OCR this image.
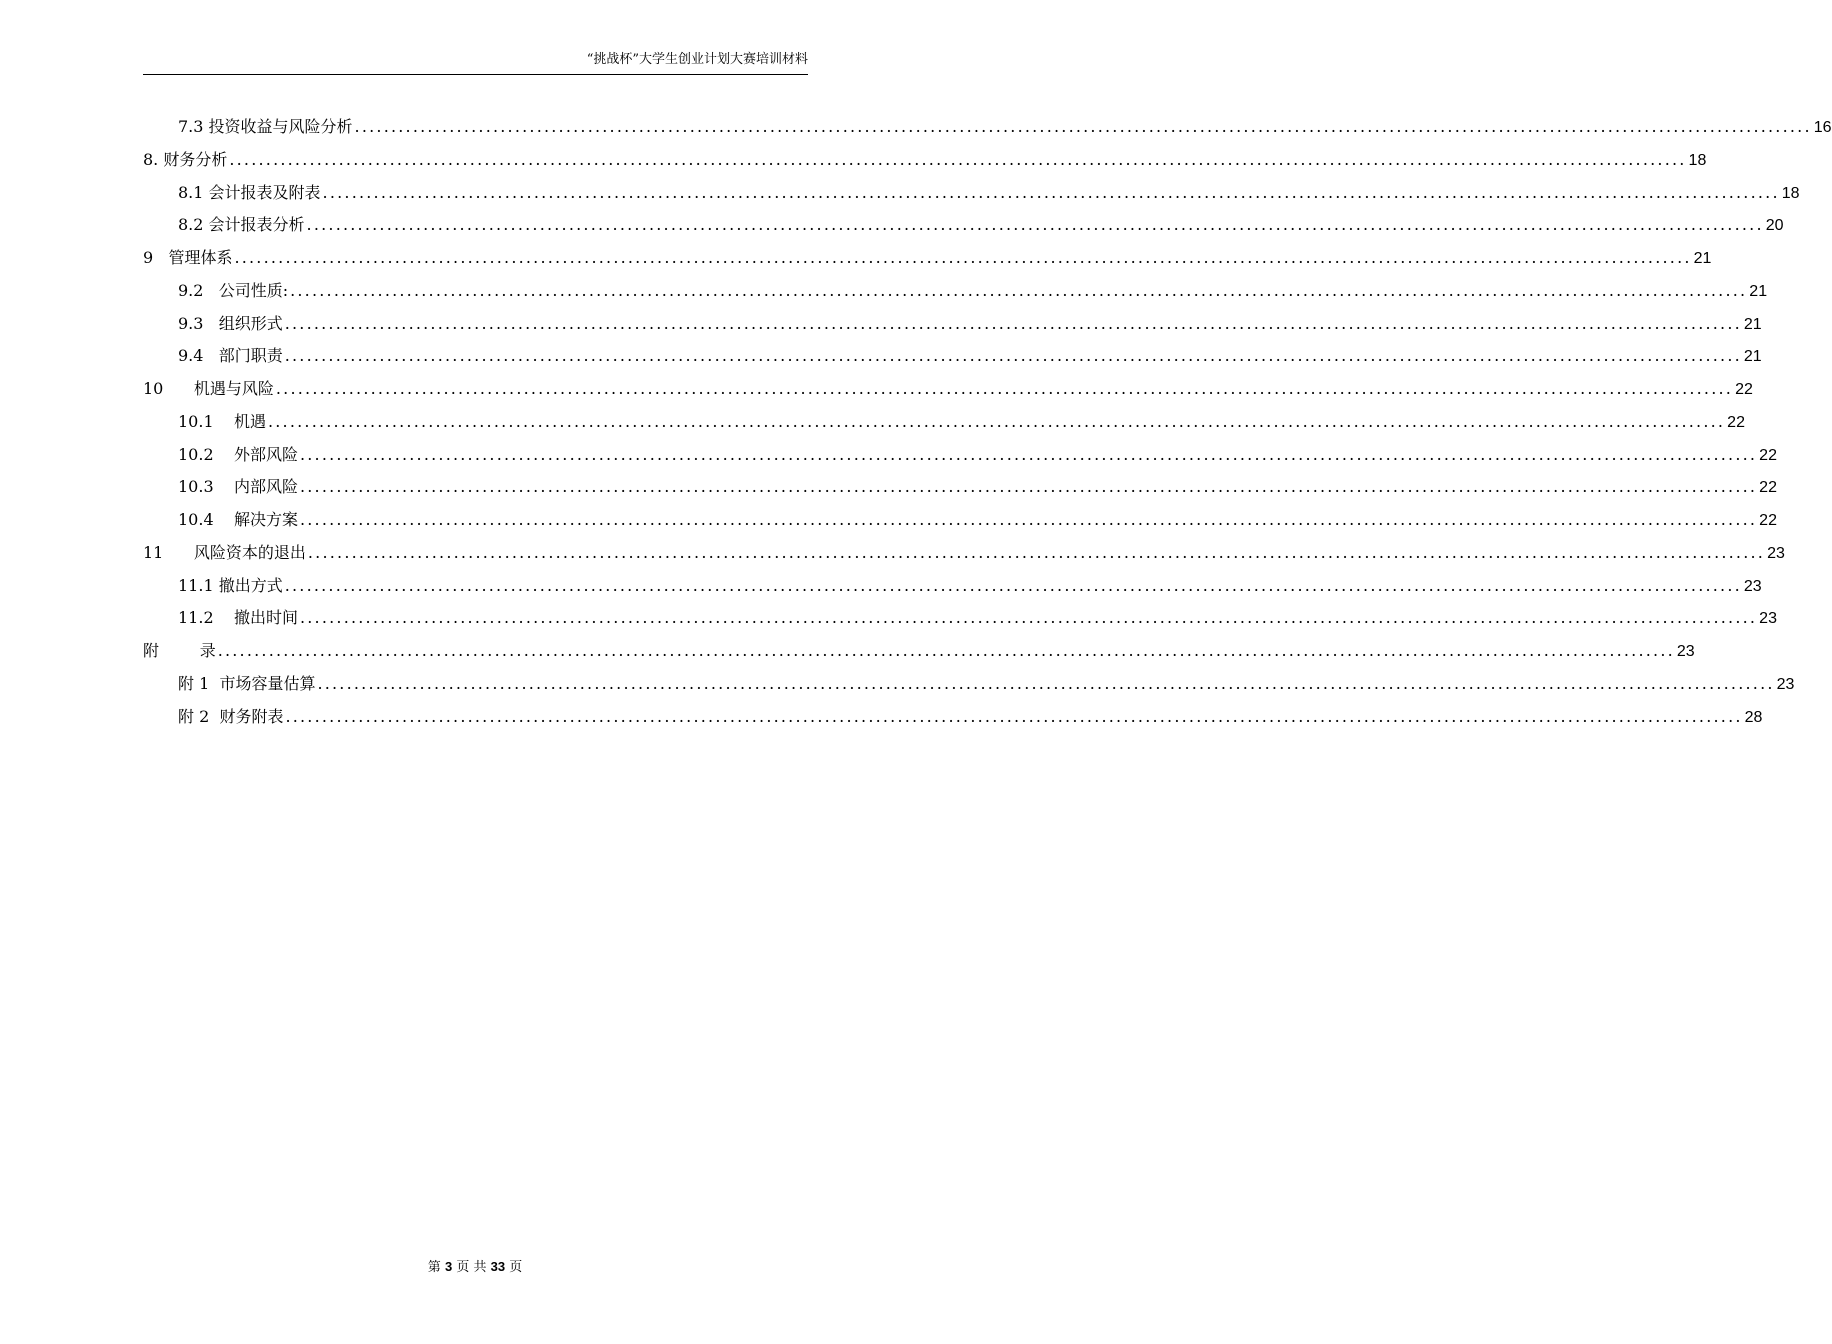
“挑战杯”大学生创业计划大赛培训材料
7.3 投资收益与风险分析 ........................................................................................................................................................................................................ 16
8. 财务分析 ........................................................................................................................................................................................................ 18
8.1 会计报表及附表 ........................................................................................................................................................................................................ 18
8.2 会计报表分析 ........................................................................................................................................................................................................ 20
9   管理体系 ........................................................................................................................................................................................................ 21
9.2   公司性质: ........................................................................................................................................................................................................ 21
9.3   组织形式 ........................................................................................................................................................................................................ 21
9.4   部门职责 ........................................................................................................................................................................................................ 21
10      机遇与风险 ........................................................................................................................................................................................................ 22
10.1    机遇 ........................................................................................................................................................................................................ 22
10.2    外部风险 ........................................................................................................................................................................................................ 22
10.3    内部风险 ........................................................................................................................................................................................................ 22
10.4    解决方案 ........................................................................................................................................................................................................ 22
11      风险资本的退出 ........................................................................................................................................................................................................ 23
11.1 撤出方式 ........................................................................................................................................................................................................ 23
11.2    撤出时间 ........................................................................................................................................................................................................ 23
附        录 ........................................................................................................................................................................................................ 23
附 1  市场容量估算 ........................................................................................................................................................................................................ 23
附 2  财务附表 ........................................................................................................................................................................................................ 28
第 3 页 共 33 页
